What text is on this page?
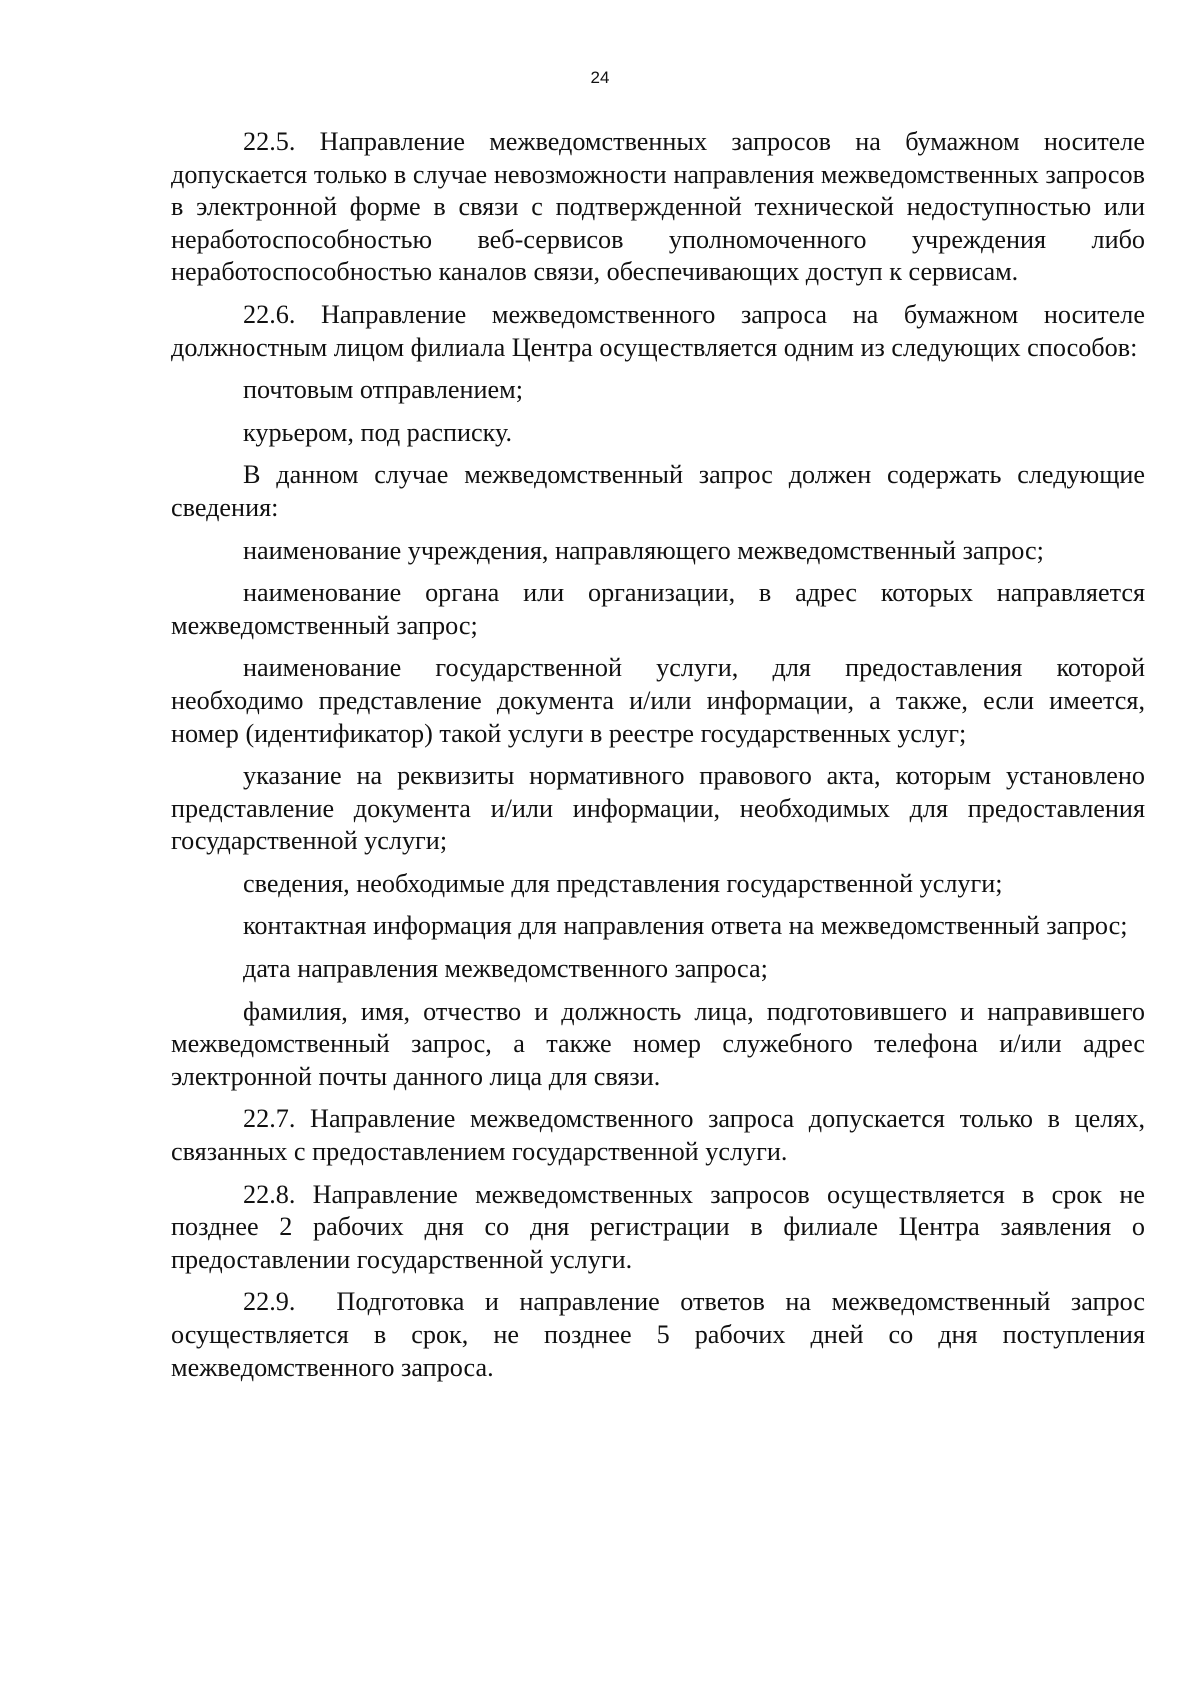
24

22.5. Направление межведомственных запросов на бумажном носителе допускается только в случае невозможности направления межведомственных запросов в электронной форме в связи с подтвержденной технической недоступностью или неработоспособностью веб-сервисов уполномоченного учреждения либо неработоспособностью каналов связи, обеспечивающих доступ к сервисам.

22.6. Направление межведомственного запроса на бумажном носителе должностным лицом филиала Центра осуществляется одним из следующих способов:

почтовым отправлением;

курьером, под расписку.

В данном случае межведомственный запрос должен содержать следующие сведения:

наименование учреждения, направляющего межведомственный запрос;

наименование органа или организации, в адрес которых направляется межведомственный запрос;

наименование государственной услуги, для предоставления которой необходимо представление документа и/или информации, а также, если имеется, номер (идентификатор) такой услуги в реестре государственных услуг;

указание на реквизиты нормативного правового акта, которым установлено представление документа и/или информации, необходимых для предоставления государственной услуги;

сведения, необходимые для представления государственной услуги;

контактная информация для направления ответа на межведомственный запрос;

дата направления межведомственного запроса;

фамилия, имя, отчество и должность лица, подготовившего и направившего межведомственный запрос, а также номер служебного телефона и/или адрес электронной почты данного лица для связи.

22.7. Направление межведомственного запроса допускается только в целях, связанных с предоставлением государственной услуги.

22.8. Направление межведомственных запросов осуществляется в срок не позднее 2 рабочих дня со дня регистрации в филиале Центра заявления о предоставлении государственной услуги.

22.9.  Подготовка и направление ответов на межведомственный запрос осуществляется в срок, не позднее 5 рабочих дней со дня поступления межведомственного запроса.
